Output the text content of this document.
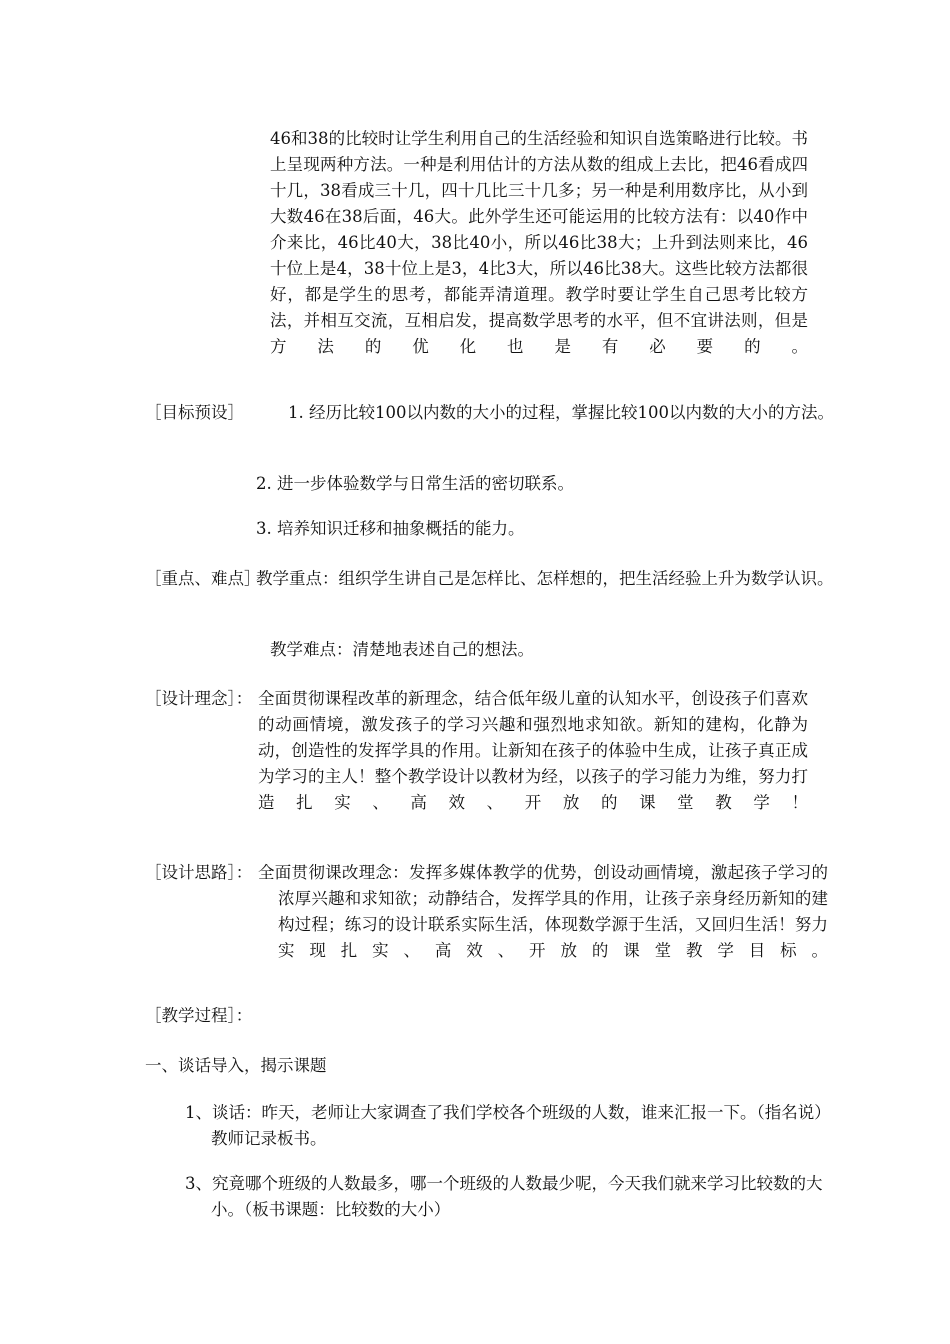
46和38的比较时让学生利用自己的生活经验和知识自选策略进行比较。书上呈现两种方法。一种是利用估计的方法从数的组成上去比，把46看成四十几，38看成三十几，四十几比三十几多；另一种是利用数序比，从小到大数46在38后面，46大。此外学生还可能运用的比较方法有：以40作中介来比，46比40大，38比40小，所以46比38大；上升到法则来比，46十位上是4，38十位上是3，4比3大，所以46比38大。这些比较方法都很好，都是学生的思考，都能弄清道理。教学时要让学生自己思考比较方法，并相互交流，互相启发，提高数学思考的水平，但不宜讲法则，但是方法的优化也是有必要的。
［目标预设］	1. 经历比较100以内数的大小的过程，掌握比较100以内数的大小的方法。
2. 进一步体验数学与日常生活的密切联系。
3. 培养知识迁移和抽象概括的能力。
［重点、难点］
教学重点：组织学生讲自己是怎样比、怎样想的，把生活经验上升为数学认识。
教学难点：清楚地表述自己的想法。
［设计理念］： 全面贯彻课程改革的新理念，结合低年级儿童的认知水平，创设孩子们喜欢的动画情境，激发孩子的学习兴趣和强烈地求知欲。新知的建构，化静为动，创造性的发挥学具的作用。让新知在孩子的体验中生成，让孩子真正成为学习的主人！整个教学设计以教材为经，以孩子的学习能力为维，努力打造扎实、高效、开放的课堂教学！
［设计思路］： 全面贯彻课改理念：发挥多媒体教学的优势，创设动画情境，激起孩子学习的浓厚兴趣和求知欲；动静结合，发挥学具的作用，让孩子亲身经历新知的建构过程；练习的设计联系实际生活，体现数学源于生活，又回归生活！努力实现扎实、高效、开放的课堂教学目标。
［教学过程］：
一、谈话导入，揭示课题
1、谈话：昨天，老师让大家调查了我们学校各个班级的人数，谁来汇报一下。（指名说）教师记录板书。
3、究竟哪个班级的人数最多，哪一个班级的人数最少呢，今天我们就来学习比较数的大小。（板书课题：比较数的大小）
